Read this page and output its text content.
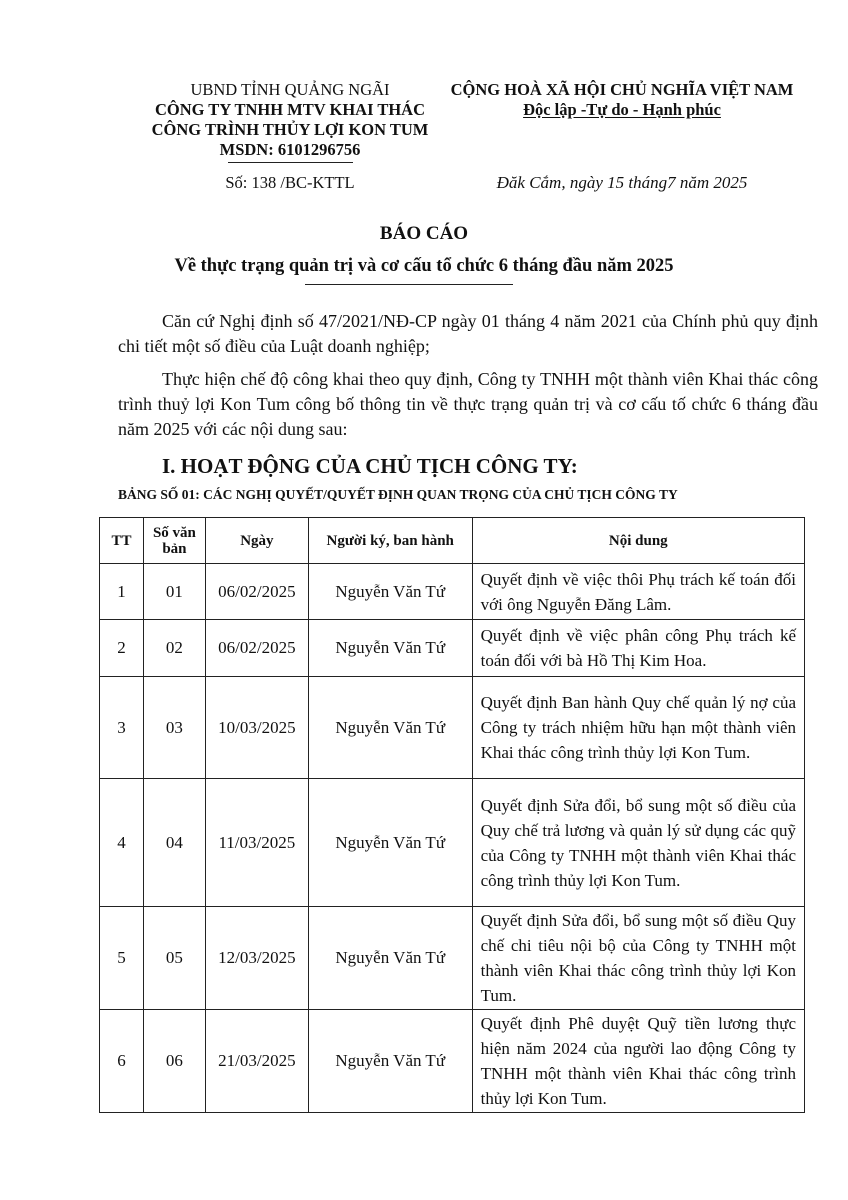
UBND TỈNH QUẢNG NGÃI
CÔNG TY TNHH MTV KHAI THÁC
CÔNG TRÌNH THỦY LỢI KON TUM
MSDN: 6101296756
Số: 138 /BC-KTTL
CỘNG HOÀ XÃ HỘI CHỦ NGHĨA VIỆT NAM
Độc lập -Tự do - Hạnh phúc
Đăk Cắm, ngày 15 tháng7 năm 2025
BÁO CÁO
Về thực trạng quản trị và cơ cấu tổ chức 6 tháng đầu năm 2025
Căn cứ Nghị định số 47/2021/NĐ-CP ngày 01 tháng 4 năm 2021 của Chính phủ quy định chi tiết một số điều của Luật doanh nghiệp;
Thực hiện chế độ công khai theo quy định, Công ty TNHH một thành viên Khai thác công trình thuỷ lợi Kon Tum công bố thông tin về thực trạng quản trị và cơ cấu tố chức 6 tháng đầu năm 2025 với các nội dung sau:
I. HOẠT ĐỘNG CỦA CHỦ TỊCH CÔNG TY:
BẢNG SỐ 01: CÁC NGHỊ QUYẾT/QUYẾT ĐỊNH QUAN TRỌNG CỦA CHỦ TỊCH CÔNG TY
TT	Số văn bản	Ngày	Người ký, ban hành	Nội dung
1	01	06/02/2025	Nguyễn Văn Tứ	Quyết định về việc thôi Phụ trách kế toán đối với ông Nguyễn Đăng Lâm.
2	02	06/02/2025	Nguyễn Văn Tứ	Quyết định về việc phân công Phụ trách kế toán đối với bà Hồ Thị Kim Hoa.
3	03	10/03/2025	Nguyễn Văn Tứ	Quyết định Ban hành Quy chế quản lý nợ của Công ty trách nhiệm hữu hạn một thành viên Khai thác công trình thủy lợi Kon Tum.
4	04	11/03/2025	Nguyễn Văn Tứ	Quyết định Sửa đổi, bổ sung một số điều của Quy chế trả lương và quản lý sử dụng các quỹ của Công ty TNHH một thành viên Khai thác công trình thủy lợi Kon Tum.
5	05	12/03/2025	Nguyễn Văn Tứ	Quyết định Sửa đổi, bổ sung một số điều Quy chế chi tiêu nội bộ của Công ty TNHH một thành viên Khai thác công trình thủy lợi Kon Tum.
6	06	21/03/2025	Nguyễn Văn Tứ	Quyết định Phê duyệt Quỹ tiền lương thực hiện năm 2024 của người lao động Công ty TNHH một thành viên Khai thác công trình thủy lợi Kon Tum.
